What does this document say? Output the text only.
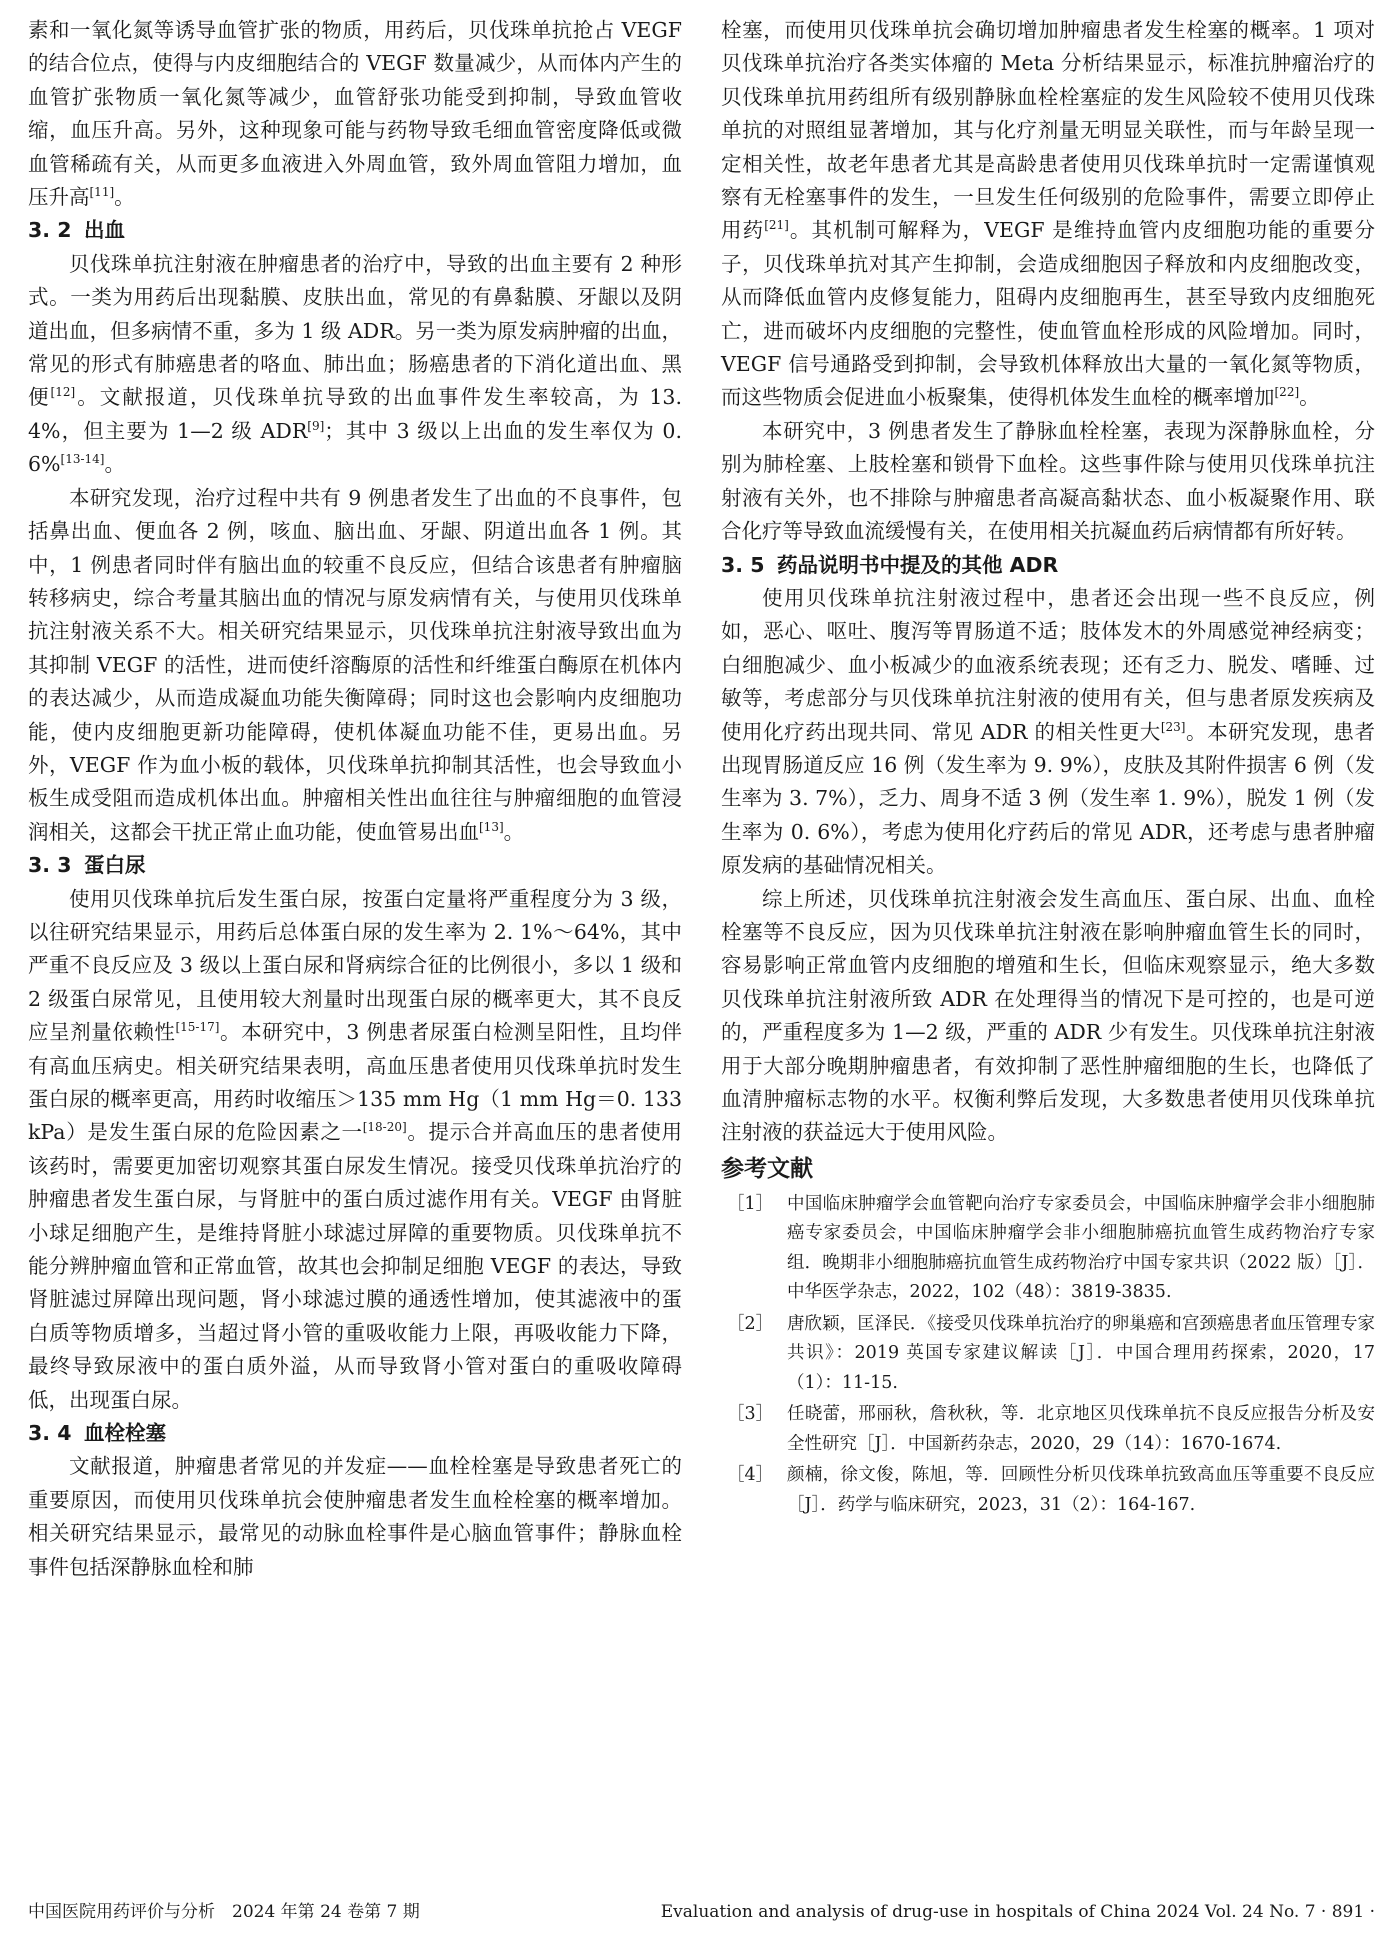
素和一氧化氮等诱导血管扩张的物质，用药后，贝伐珠单抗抢占 VEGF 的结合位点，使得与内皮细胞结合的 VEGF 数量减少，从而体内产生的血管扩张物质一氧化氮等减少，血管舒张功能受到抑制，导致血管收缩，血压升高。另外，这种现象可能与药物导致毛细血管密度降低或微血管稀疏有关，从而更多血液进入外周血管，致外周血管阻力增加，血压升高[11]。

3. 2 出血

贝伐珠单抗注射液在肿瘤患者的治疗中，导致的出血主要有 2 种形式。一类为用药后出现黏膜、皮肤出血，常见的有鼻黏膜、牙龈以及阴道出血，但多病情不重，多为 1 级 ADR。另一类为原发病肿瘤的出血，常见的形式有肺癌患者的咯血、肺出血；肠癌患者的下消化道出血、黑便[12]。文献报道，贝伐珠单抗导致的出血事件发生率较高，为 13. 4%，但主要为 1—2 级 ADR[9]；其中 3 级以上出血的发生率仅为 0. 6%[13-14]。

本研究发现，治疗过程中共有 9 例患者发生了出血的不良事件，包括鼻出血、便血各 2 例，咳血、脑出血、牙龈、阴道出血各 1 例。其中，1 例患者同时伴有脑出血的较重不良反应，但结合该患者有肿瘤脑转移病史，综合考量其脑出血的情况与原发病情有关，与使用贝伐珠单抗注射液关系不大。相关研究结果显示，贝伐珠单抗注射液导致出血为其抑制 VEGF 的活性，进而使纤溶酶原的活性和纤维蛋白酶原在机体内的表达减少，从而造成凝血功能失衡障碍；同时这也会影响内皮细胞功能，使内皮细胞更新功能障碍，使机体凝血功能不佳，更易出血。另外，VEGF 作为血小板的载体，贝伐珠单抗抑制其活性，也会导致血小板生成受阻而造成机体出血。肿瘤相关性出血往往与肿瘤细胞的血管浸润相关，这都会干扰正常止血功能，使血管易出血[13]。

3. 3 蛋白尿

使用贝伐珠单抗后发生蛋白尿，按蛋白定量将严重程度分为 3 级，以往研究结果显示，用药后总体蛋白尿的发生率为 2. 1%～64%，其中严重不良反应及 3 级以上蛋白尿和肾病综合征的比例很小，多以 1 级和 2 级蛋白尿常见，且使用较大剂量时出现蛋白尿的概率更大，其不良反应呈剂量依赖性[15-17]。本研究中，3 例患者尿蛋白检测呈阳性，且均伴有高血压病史。相关研究结果表明，高血压患者使用贝伐珠单抗时发生蛋白尿的概率更高，用药时收缩压＞135 mm Hg（1 mm Hg＝0. 133 kPa）是发生蛋白尿的危险因素之一[18-20]。提示合并高血压的患者使用该药时，需要更加密切观察其蛋白尿发生情况。接受贝伐珠单抗治疗的肿瘤患者发生蛋白尿，与肾脏中的蛋白质过滤作用有关。VEGF 由肾脏小球足细胞产生，是维持肾脏小球滤过屏障的重要物质。贝伐珠单抗不能分辨肿瘤血管和正常血管，故其也会抑制足细胞 VEGF 的表达，导致肾脏滤过屏障出现问题，肾小球滤过膜的通透性增加，使其滤液中的蛋白质等物质增多，当超过肾小管的重吸收能力上限，再吸收能力下降，最终导致尿液中的蛋白质外溢，从而导致肾小管对蛋白的重吸收障碍低，出现蛋白尿。

3. 4 血栓栓塞

文献报道，肿瘤患者常见的并发症——血栓栓塞是导致患者死亡的重要原因，而使用贝伐珠单抗会使肿瘤患者发生血栓栓塞的概率增加。相关研究结果显示，最常见的动脉血栓事件是心脑血管事件；静脉血栓事件包括深静脉血栓和肺

栓塞，而使用贝伐珠单抗会确切增加肿瘤患者发生栓塞的概率。1 项对贝伐珠单抗治疗各类实体瘤的 Meta 分析结果显示，标准抗肿瘤治疗的贝伐珠单抗用药组所有级别静脉血栓栓塞症的发生风险较不使用贝伐珠单抗的对照组显著增加，其与化疗剂量无明显关联性，而与年龄呈现一定相关性，故老年患者尤其是高龄患者使用贝伐珠单抗时一定需谨慎观察有无栓塞事件的发生，一旦发生任何级别的危险事件，需要立即停止用药[21]。其机制可解释为，VEGF 是维持血管内皮细胞功能的重要分子，贝伐珠单抗对其产生抑制，会造成细胞因子释放和内皮细胞改变，从而降低血管内皮修复能力，阻碍内皮细胞再生，甚至导致内皮细胞死亡，进而破坏内皮细胞的完整性，使血管血栓形成的风险增加。同时，VEGF 信号通路受到抑制，会导致机体释放出大量的一氧化氮等物质，而这些物质会促进血小板聚集，使得机体发生血栓的概率增加[22]。

本研究中，3 例患者发生了静脉血栓栓塞，表现为深静脉血栓，分别为肺栓塞、上肢栓塞和锁骨下血栓。这些事件除与使用贝伐珠单抗注射液有关外，也不排除与肿瘤患者高凝高黏状态、血小板凝聚作用、联合化疗等导致血流缓慢有关，在使用相关抗凝血药后病情都有所好转。

3. 5 药品说明书中提及的其他 ADR

使用贝伐珠单抗注射液过程中，患者还会出现一些不良反应，例如，恶心、呕吐、腹泻等胃肠道不适；肢体发木的外周感觉神经病变；白细胞减少、血小板减少的血液系统表现；还有乏力、脱发、嗜睡、过敏等，考虑部分与贝伐珠单抗注射液的使用有关，但与患者原发疾病及使用化疗药出现共同、常见 ADR 的相关性更大[23]。本研究发现，患者出现胃肠道反应 16 例（发生率为 9. 9%），皮肤及其附件损害 6 例（发生率为 3. 7%），乏力、周身不适 3 例（发生率 1. 9%），脱发 1 例（发生率为 0. 6%），考虑为使用化疗药后的常见 ADR，还考虑与患者肿瘤原发病的基础情况相关。

综上所述，贝伐珠单抗注射液会发生高血压、蛋白尿、出血、血栓栓塞等不良反应，因为贝伐珠单抗注射液在影响肿瘤血管生长的同时，容易影响正常血管内皮细胞的增殖和生长，但临床观察显示，绝大多数贝伐珠单抗注射液所致 ADR 在处理得当的情况下是可控的，也是可逆的，严重程度多为 1—2 级，严重的 ADR 少有发生。贝伐珠单抗注射液用于大部分晚期肿瘤患者，有效抑制了恶性肿瘤细胞的生长，也降低了血清肿瘤标志物的水平。权衡利弊后发现，大多数患者使用贝伐珠单抗注射液的获益远大于使用风险。

参考文献
［1］ 中国临床肿瘤学会血管靶向治疗专家委员会，中国临床肿瘤学会非小细胞肺癌专家委员会，中国临床肿瘤学会非小细胞肺癌抗血管生成药物治疗专家组．晚期非小细胞肺癌抗血管生成药物治疗中国专家共识（2022 版）［J］．中华医学杂志，2022，102（48）：3819-3835.
［2］ 唐欣颖，匡泽民．《接受贝伐珠单抗治疗的卵巢癌和宫颈癌患者血压管理专家共识》：2019 英国专家建议解读［J］．中国合理用药探索，2020，17（1）：11-15.
［3］ 任晓蕾，邢丽秋，詹秋秋，等．北京地区贝伐珠单抗不良反应报告分析及安全性研究［J］．中国新药杂志，2020，29（14）：1670-1674.
［4］ 颜楠，徐文俊，陈旭，等．回顾性分析贝伐珠单抗致高血压等重要不良反应［J］．药学与临床研究，2023，31（2）：164-167.
中国医院用药评价与分析　2024 年第 24 卷第 7 期	Evaluation and analysis of drug-use in hospitals of China 2024 Vol. 24 No. 7 · 891 ·
